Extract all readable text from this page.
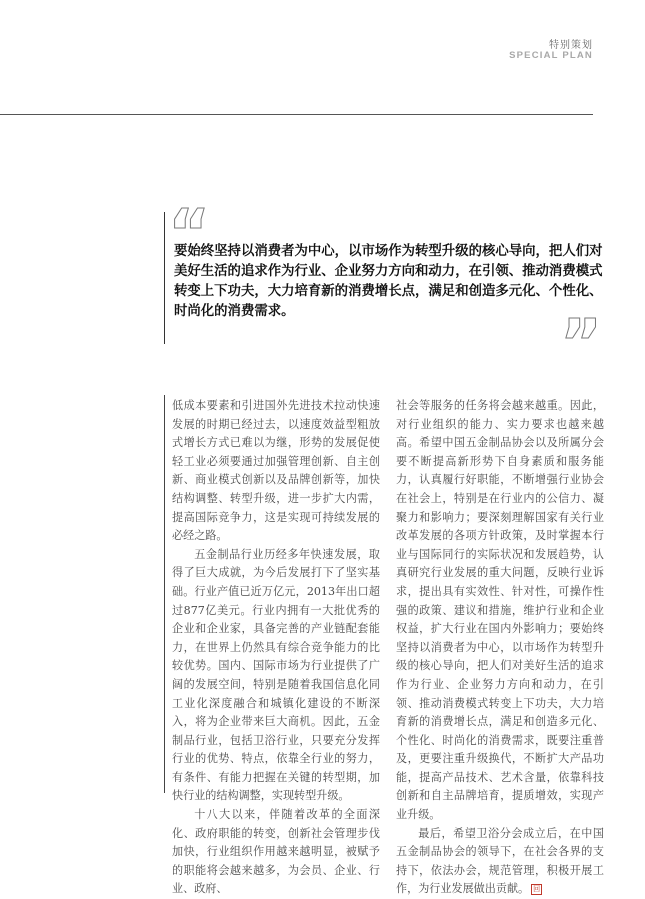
特别策划
SPECIAL PLAN
“
要始终坚持以消费者为中心，以市场作为转型升级的核心导向，把人们对美好生活的追求作为行业、企业努力方向和动力，在引领、推动消费模式转变上下功夫，大力培育新的消费增长点，满足和创造多元化、个性化、时尚化的消费需求。	”

低成本要素和引进国外先进技术拉动快速发展的时期已经过去，以速度效益型粗放式增长方式已难以为继，形势的发展促使轻工业必须要通过加强管理创新、自主创新、商业模式创新以及品牌创新等，加快结构调整、转型升级，进一步扩大内需，提高国际竞争力，这是实现可持续发展的必经之路。

五金制品行业历经多年快速发展，取得了巨大成就，为今后发展打下了坚实基础。行业产值已近万亿元，2013年出口超过877亿美元。行业内拥有一大批优秀的企业和企业家，具备完善的产业链配套能力，在世界上仍然具有综合竞争能力的比较优势。国内、国际市场为行业提供了广阔的发展空间，特别是随着我国信息化同工业化深度融合和城镇化建设的不断深入，将为企业带来巨大商机。因此，五金制品行业，包括卫浴行业，只要充分发挥行业的优势、特点，依靠全行业的努力，有条件、有能力把握在关键的转型期，加快行业的结构调整，实现转型升级。

十八大以来，伴随着改革的全面深化、政府职能的转变，创新社会管理步伐加快，行业组织作用越来越明显，被赋予的职能将会越来越多，为会员、企业、行业、政府、

社会等服务的任务将会越来越重。因此，对行业组织的能力、实力要求也越来越高。希望中国五金制品协会以及所属分会要不断提高新形势下自身素质和服务能力，认真履行好职能，不断增强行业协会在社会上，特别是在行业内的公信力、凝聚力和影响力；要深刻理解国家有关行业改革发展的各项方针政策，及时掌握本行业与国际同行的实际状况和发展趋势，认真研究行业发展的重大问题，反映行业诉求，提出具有实效性、针对性，可操作性强的政策、建议和措施，维护行业和企业权益，扩大行业在国内外影响力；要始终坚持以消费者为中心，以市场作为转型升级的核心导向，把人们对美好生活的追求作为行业、企业努力方向和动力，在引领、推动消费模式转变上下功夫，大力培育新的消费增长点，满足和创造多元化、个性化、时尚化的消费需求，既要注重普及，更要注重升级换代，不断扩大产品功能，提高产品技术、艺术含量，依靠科技创新和自主品牌培育，提质增效，实现产业升级。

最后，希望卫浴分会成立后，在中国五金制品协会的领导下，在社会各界的支持下，依法办会，规范管理，积极开展工作，为行业发展做出贡献。 回
